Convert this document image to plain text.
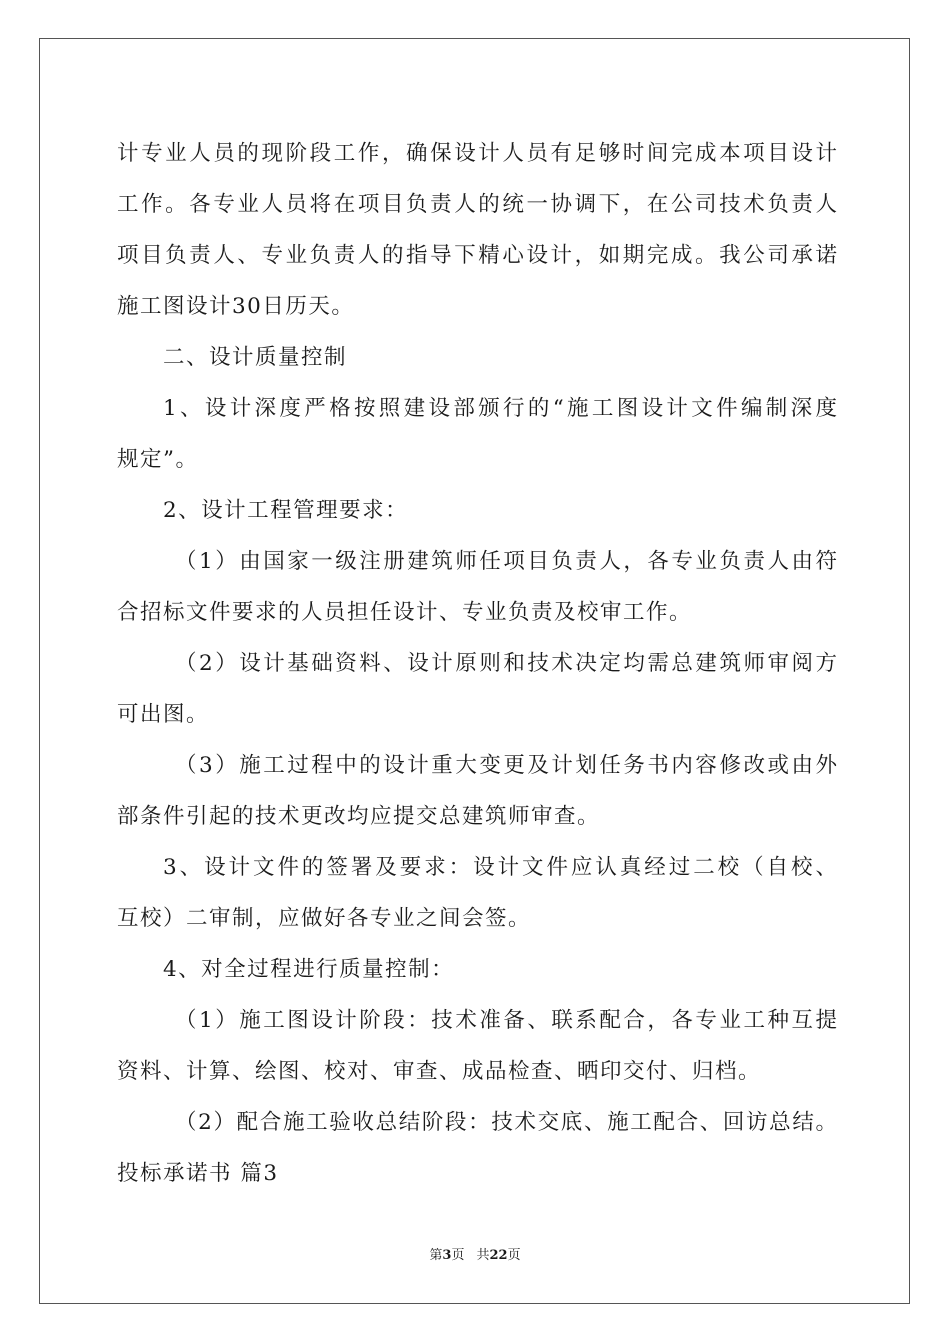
计专业人员的现阶段工作，确保设计人员有足够时间完成本项目设计
工作。各专业人员将在项目负责人的统一协调下，在公司技术负责人
项目负责人、专业负责人的指导下精心设计，如期完成。我公司承诺
施工图设计30日历天。
二、设计质量控制
1、设计深度严格按照建设部颁行的“施工图设计文件编制深度
规定”。
2、设计工程管理要求：
（1）由国家一级注册建筑师任项目负责人，各专业负责人由符
合招标文件要求的人员担任设计、专业负责及校审工作。
（2）设计基础资料、设计原则和技术决定均需总建筑师审阅方
可出图。
（3）施工过程中的设计重大变更及计划任务书内容修改或由外
部条件引起的技术更改均应提交总建筑师审查。
3、设计文件的签署及要求：设计文件应认真经过二校（自校、
互校）二审制，应做好各专业之间会签。
4、对全过程进行质量控制：
（1）施工图设计阶段：技术准备、联系配合，各专业工种互提
资料、计算、绘图、校对、审查、成品检查、晒印交付、归档。
（2）配合施工验收总结阶段：技术交底、施工配合、回访总结。
投标承诺书 篇3
第3页 共22页
